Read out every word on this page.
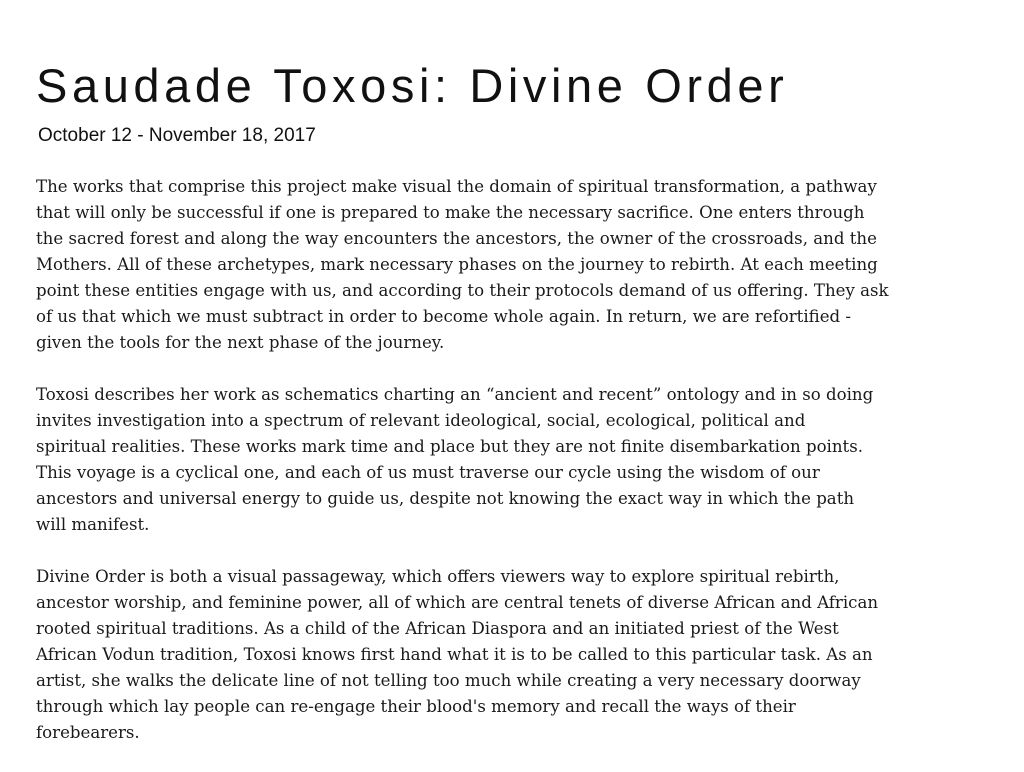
Saudade Toxosi: Divine Order

October 12 - November 18, 2017

The works that comprise this project make visual the domain of spiritual transformation, a pathway
that will only be successful if one is prepared to make the necessary sacrifice. One enters through
the sacred forest and along the way encounters the ancestors, the owner of the crossroads, and the
Mothers. All of these archetypes, mark necessary phases on the journey to rebirth. At each meeting
point these entities engage with us, and according to their protocols demand of us offering. They ask
of us that which we must subtract in order to become whole again. In return, we are refortified -
given the tools for the next phase of the journey.

Toxosi describes her work as schematics charting an “ancient and recent” ontology and in so doing
invites investigation into a spectrum of relevant ideological, social, ecological, political and
spiritual realities. These works mark time and place but they are not finite disembarkation points.
This voyage is a cyclical one, and each of us must traverse our cycle using the wisdom of our
ancestors and universal energy to guide us, despite not knowing the exact way in which the path
will manifest.

Divine Order is both a visual passageway, which offers viewers way to explore spiritual rebirth,
ancestor worship, and feminine power, all of which are central tenets of diverse African and African
rooted spiritual traditions. As a child of the African Diaspora and an initiated priest of the West
African Vodun tradition, Toxosi knows first hand what it is to be called to this particular task. As an
artist, she walks the delicate line of not telling too much while creating a very necessary doorway
through which lay people can re-engage their blood's memory and recall the ways of their
forebearers.
